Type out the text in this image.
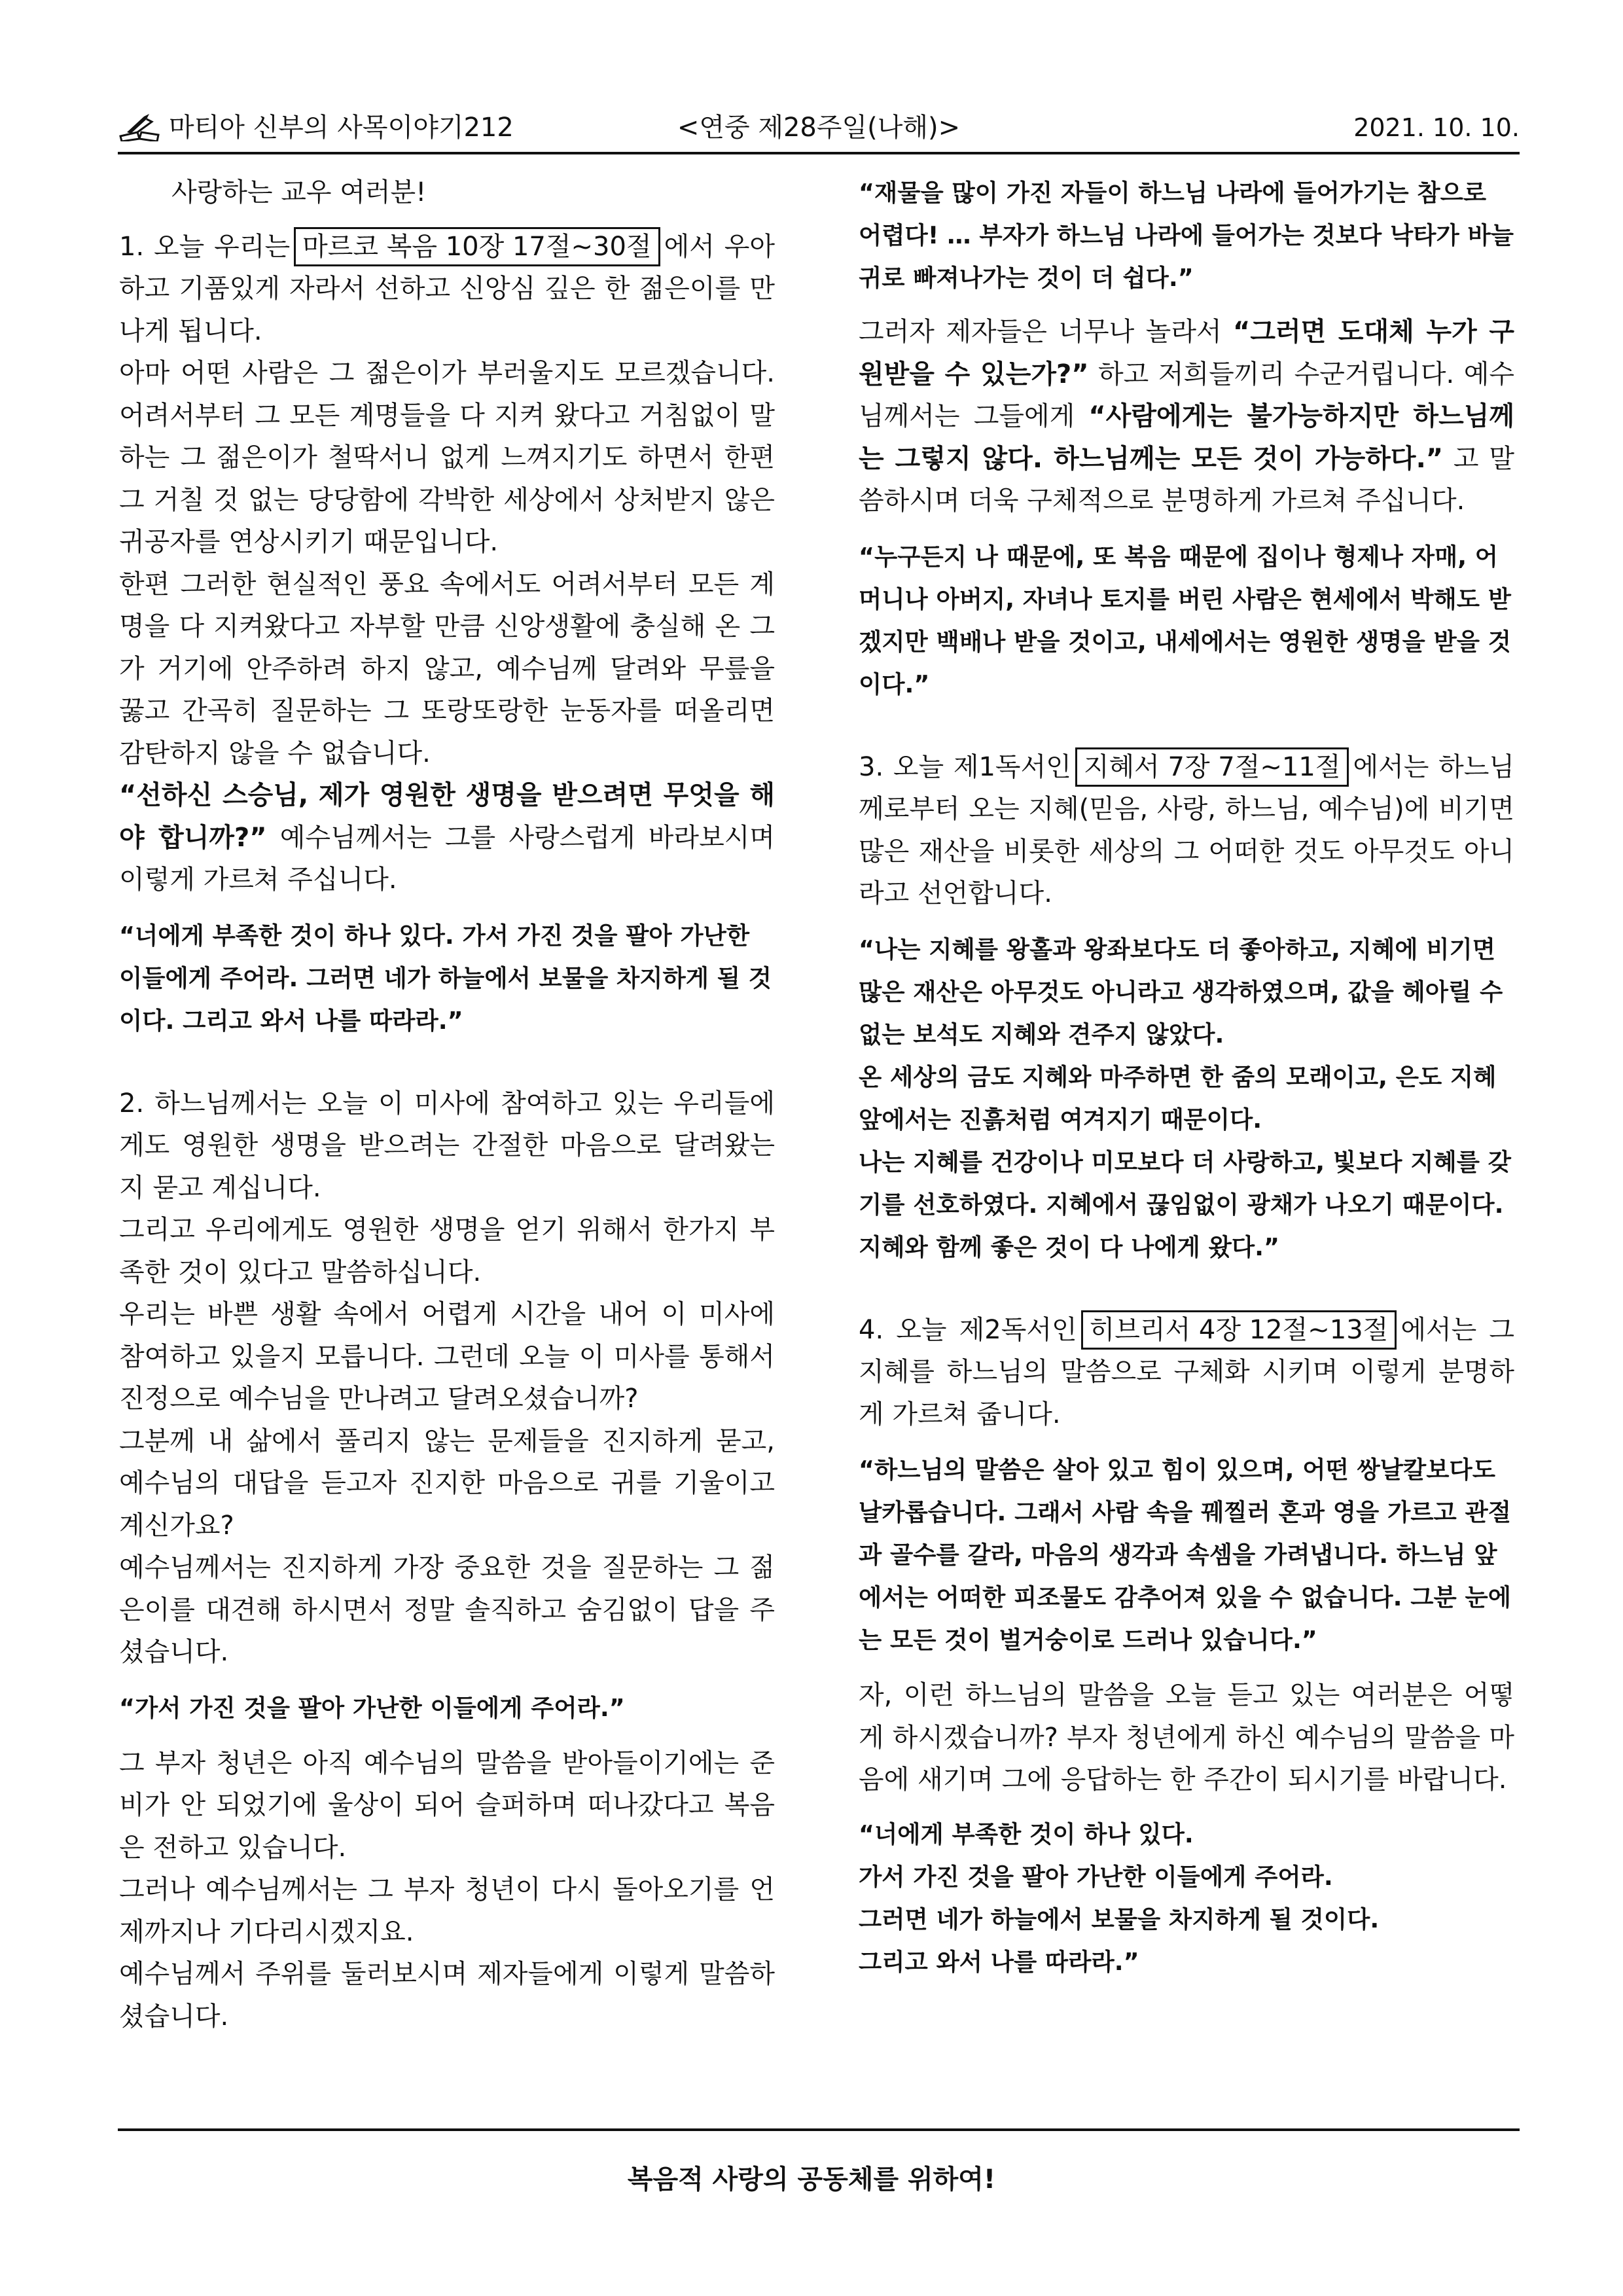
마티아 신부의 사목이야기212	<연중 제28주일(나해)>	2021. 10. 10.

사랑하는 교우 여러분!

1. 오늘 우리는 마르코 복음 10장 17절~30절 에서 우아하고 기품있게 자라서 선하고 신앙심 깊은 한 젊은이를 만나게 됩니다.

아마 어떤 사람은 그 젊은이가 부러울지도 모르겠습니다. 어려서부터 그 모든 계명들을 다 지켜 왔다고 거침없이 말하는 그 젊은이가 철딱서니 없게 느껴지기도 하면서 한편 그 거칠 것 없는 당당함에 각박한 세상에서 상처받지 않은 귀공자를 연상시키기 때문입니다.

한편 그러한 현실적인 풍요 속에서도 어려서부터 모든 계명을 다 지켜왔다고 자부할 만큼 신앙생활에 충실해 온 그가 거기에 안주하려 하지 않고, 예수님께 달려와 무릎을 꿇고 간곡히 질문하는 그 또랑또랑한 눈동자를 떠올리면 감탄하지 않을 수 없습니다.

“선하신 스승님, 제가 영원한 생명을 받으려면 무엇을 해야 합니까?” 예수님께서는 그를 사랑스럽게 바라보시며 이렇게 가르쳐 주십니다.

“너에게 부족한 것이 하나 있다. 가서 가진 것을 팔아 가난한 이들에게 주어라. 그러면 네가 하늘에서 보물을 차지하게 될 것이다. 그리고 와서 나를 따라라.”

2. 하느님께서는 오늘 이 미사에 참여하고 있는 우리들에게도 영원한 생명을 받으려는 간절한 마음으로 달려왔는지 묻고 계십니다.

그리고 우리에게도 영원한 생명을 얻기 위해서 한가지 부족한 것이 있다고 말씀하십니다.

우리는 바쁜 생활 속에서 어렵게 시간을 내어 이 미사에 참여하고 있을지 모릅니다. 그런데 오늘 이 미사를 통해서 진정으로 예수님을 만나려고 달려오셨습니까?

그분께 내 삶에서 풀리지 않는 문제들을 진지하게 묻고, 예수님의 대답을 듣고자 진지한 마음으로 귀를 기울이고 계신가요?

예수님께서는 진지하게 가장 중요한 것을 질문하는 그 젊은이를 대견해 하시면서 정말 솔직하고 숨김없이 답을 주셨습니다.

“가서 가진 것을 팔아 가난한 이들에게 주어라.”

그 부자 청년은 아직 예수님의 말씀을 받아들이기에는 준비가 안 되었기에 울상이 되어 슬퍼하며 떠나갔다고 복음은 전하고 있습니다.

그러나 예수님께서는 그 부자 청년이 다시 돌아오기를 언제까지나 기다리시겠지요.

예수님께서 주위를 둘러보시며 제자들에게 이렇게 말씀하셨습니다.

“재물을 많이 가진 자들이 하느님 나라에 들어가기는 참으로 어렵다! … 부자가 하느님 나라에 들어가는 것보다 낙타가 바늘귀로 빠져나가는 것이 더 쉽다.”

그러자 제자들은 너무나 놀라서 “그러면 도대체 누가 구원받을 수 있는가?” 하고 저희들끼리 수군거립니다. 예수님께서는 그들에게 “사람에게는 불가능하지만 하느님께는 그렇지 않다. 하느님께는 모든 것이 가능하다.” 고 말씀하시며 더욱 구체적으로 분명하게 가르쳐 주십니다.

“누구든지 나 때문에, 또 복음 때문에 집이나 형제나 자매, 어머니나 아버지, 자녀나 토지를 버린 사람은 현세에서 박해도 받겠지만 백배나 받을 것이고, 내세에서는 영원한 생명을 받을 것이다.”

3. 오늘 제1독서인 지혜서 7장 7절~11절 에서는 하느님께로부터 오는 지혜(믿음, 사랑, 하느님, 예수님)에 비기면 많은 재산을 비롯한 세상의 그 어떠한 것도 아무것도 아니라고 선언합니다.

“나는 지혜를 왕홀과 왕좌보다도 더 좋아하고, 지혜에 비기면 많은 재산은 아무것도 아니라고 생각하였으며, 값을 헤아릴 수 없는 보석도 지혜와 견주지 않았다.

온 세상의 금도 지혜와 마주하면 한 줌의 모래이고, 은도 지혜 앞에서는 진흙처럼 여겨지기 때문이다.

나는 지혜를 건강이나 미모보다 더 사랑하고, 빛보다 지혜를 갖기를 선호하였다. 지혜에서 끊임없이 광채가 나오기 때문이다. 지혜와 함께 좋은 것이 다 나에게 왔다.”

4. 오늘 제2독서인 히브리서 4장 12절~13절 에서는 그 지혜를 하느님의 말씀으로 구체화 시키며 이렇게 분명하게 가르쳐 줍니다.

“하느님의 말씀은 살아 있고 힘이 있으며, 어떤 쌍날칼보다도 날카롭습니다. 그래서 사람 속을 꿰찔러 혼과 영을 가르고 관절과 골수를 갈라, 마음의 생각과 속셈을 가려냅니다. 하느님 앞에서는 어떠한 피조물도 감추어져 있을 수 없습니다. 그분 눈에는 모든 것이 벌거숭이로 드러나 있습니다.”

자, 이런 하느님의 말씀을 오늘 듣고 있는 여러분은 어떻게 하시겠습니까? 부자 청년에게 하신 예수님의 말씀을 마음에 새기며 그에 응답하는 한 주간이 되시기를 바랍니다.

“너에게 부족한 것이 하나 있다.

가서 가진 것을 팔아 가난한 이들에게 주어라.

그러면 네가 하늘에서 보물을 차지하게 될 것이다.

그리고 와서 나를 따라라.”

복음적 사랑의 공동체를 위하여!
